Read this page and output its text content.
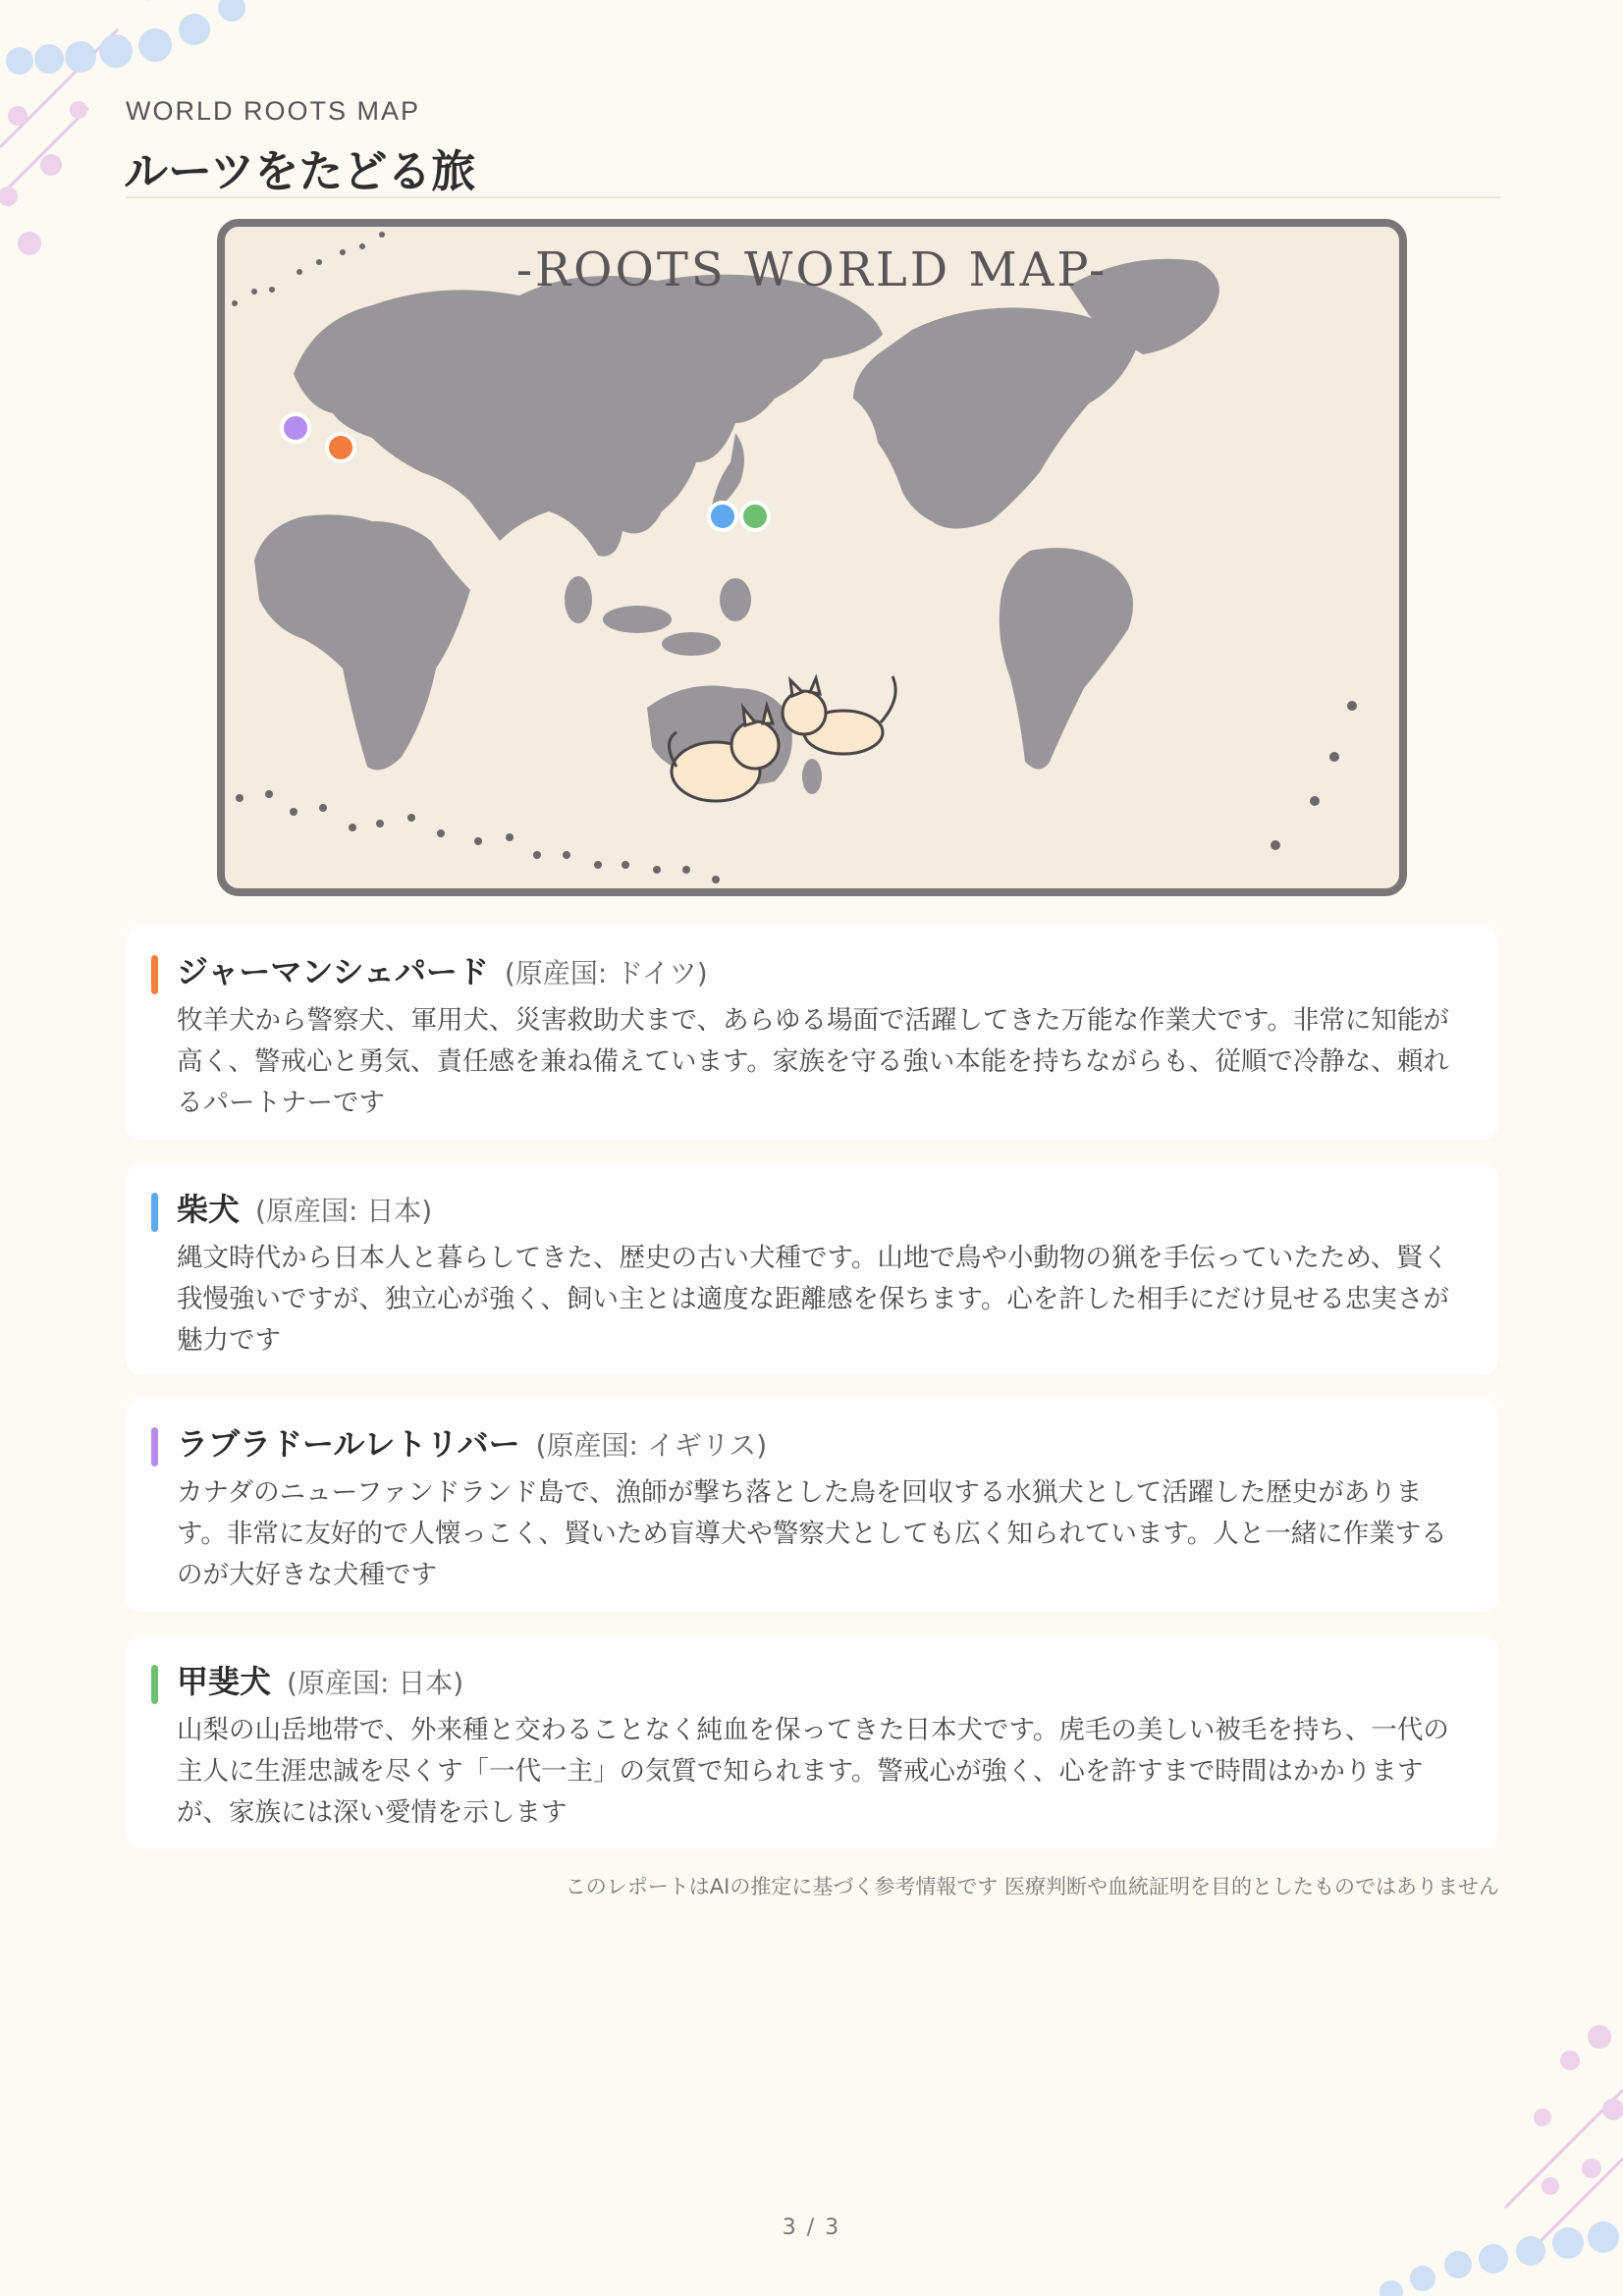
WORLD ROOTS MAP
ルーツをたどる旅
-ROOTS WORLD MAP-
ジャーマンシェパード (原産国: ドイツ)
牧羊犬から警察犬、軍用犬、災害救助犬まで、あらゆる場面で活躍してきた万能な作業犬です。非常に知能が高く、警戒心と勇気、責任感を兼ね備えています。家族を守る強い本能を持ちながらも、従順で冷静な、頼れるパートナーです
柴犬 (原産国: 日本)
縄文時代から日本人と暮らしてきた、歴史の古い犬種です。山地で鳥や小動物の猟を手伝っていたため、賢く我慢強いですが、独立心が強く、飼い主とは適度な距離感を保ちます。心を許した相手にだけ見せる忠実さが魅力です
ラブラドールレトリバー (原産国: イギリス)
カナダのニューファンドランド島で、漁師が撃ち落とした鳥を回収する水猟犬として活躍した歴史があります。非常に友好的で人懐っこく、賢いため盲導犬や警察犬としても広く知られています。人と一緒に作業するのが大好きな犬種です
甲斐犬 (原産国: 日本)
山梨の山岳地帯で、外来種と交わることなく純血を保ってきた日本犬です。虎毛の美しい被毛を持ち、一代の主人に生涯忠誠を尽くす「一代一主」の気質で知られます。警戒心が強く、心を許すまで時間はかかりますが、家族には深い愛情を示します
このレポートはAIの推定に基づく参考情報です 医療判断や血統証明を目的としたものではありません
3 / 3
